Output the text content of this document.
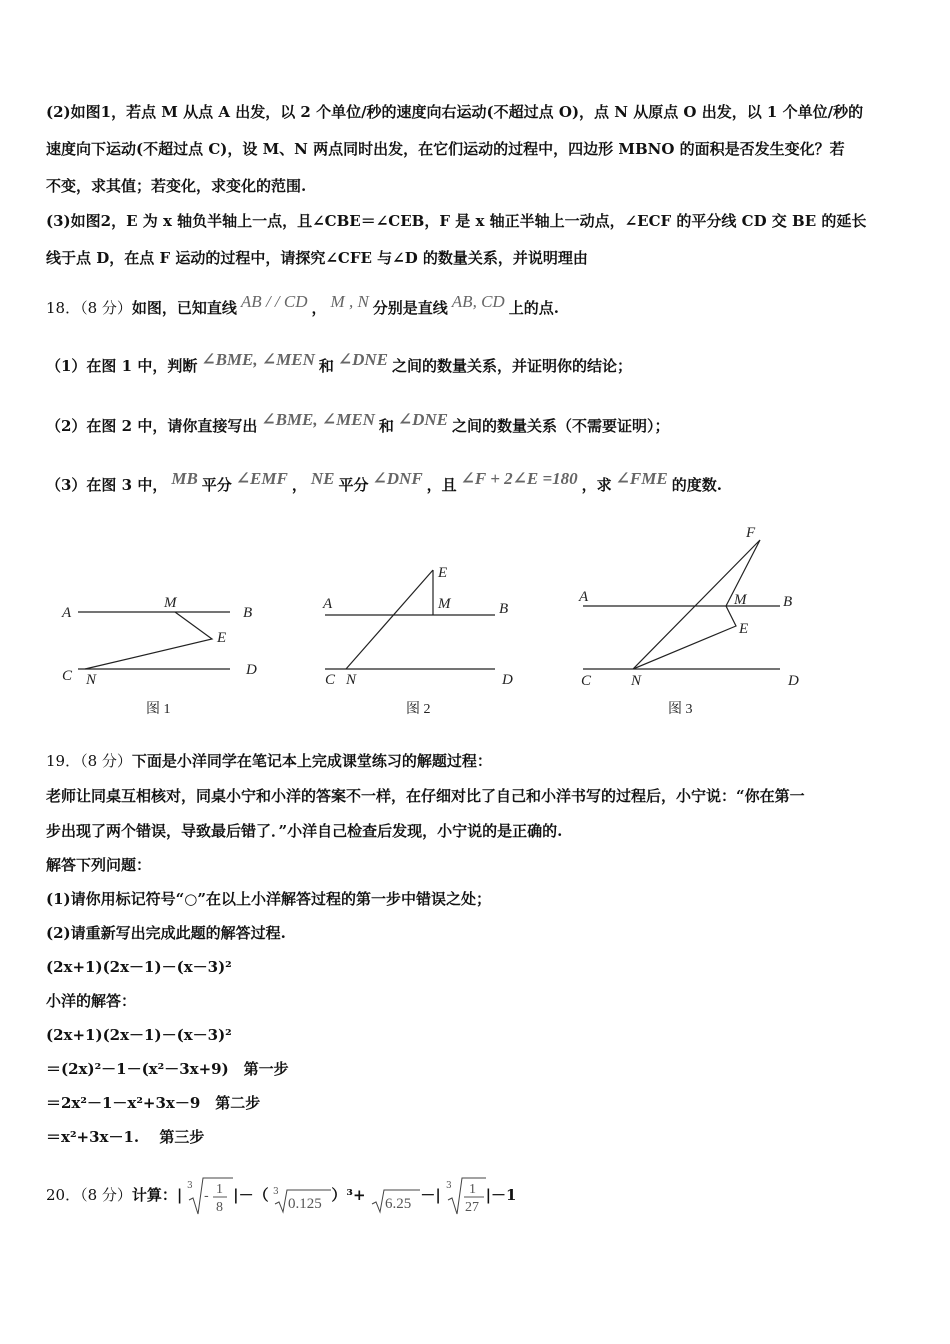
(2)如图1，若点 M 从点 A 出发，以 2 个单位/秒的速度向右运动(不超过点 O)，点 N 从原点 O 出发，以 1 个单位/秒的
速度向下运动(不超过点 C)，设 M、N 两点同时出发，在它们运动的过程中，四边形 MBNO 的面积是否发生变化？若
不变，求其值；若变化，求变化的范围.
(3)如图2，E 为 x 轴负半轴上一点，且∠CBE＝∠CEB，F 是 x 轴正半轴上一动点，∠ECF 的平分线 CD 交 BE 的延长
线于点 D，在点 F 运动的过程中，请探究∠CFE 与∠D 的数量关系，并说明理由
18．（8 分）如图，已知直线 AB / / CD ， M , N 分别是直线 AB, CD 上的点.
（1）在图 1 中，判断 ∠BME, ∠MEN 和 ∠DNE 之间的数量关系，并证明你的结论；
（2）在图 2 中，请你直接写出 ∠BME, ∠MEN 和 ∠DNE 之间的数量关系（不需要证明）；
（3）在图 3 中， MB 平分 ∠EMF ， NE 平分 ∠DNF ，且 ∠F + 2∠E =180 ，求 ∠FME 的度数.
A
M
B
E
C N
D
图 1
E
A	M	B
C N	D
图 2
F
A	M B
E
C	N	D
图 3
19．（8 分）下面是小洋同学在笔记本上完成课堂练习的解题过程：
老师让同桌互相核对，同桌小宁和小洋的答案不一样，在仔细对比了自己和小洋书写的过程后，小宁说：“你在第一
步出现了两个错误，导致最后错了．”小洋自己检查后发现，小宁说的是正确的.
解答下列问题：
(1)请你用标记符号“○”在以上小洋解答过程的第一步中错误之处；
(2)请重新写出完成此题的解答过程.
(2x+1)(2x－1)－(x－3)²
小洋的解答：
(2x+1)(2x－1)－(x－3)²
＝(2x)²－1－(x²－3x+9)　第一步
＝2x²－1－x²+3x－9　第二步
＝x²+3x－1.　 第三步
20．（8 分）计算：| 3
- 1
8
|－（ 3
0.125 ）³+ 6.25 －| 3 1
27
|－1
